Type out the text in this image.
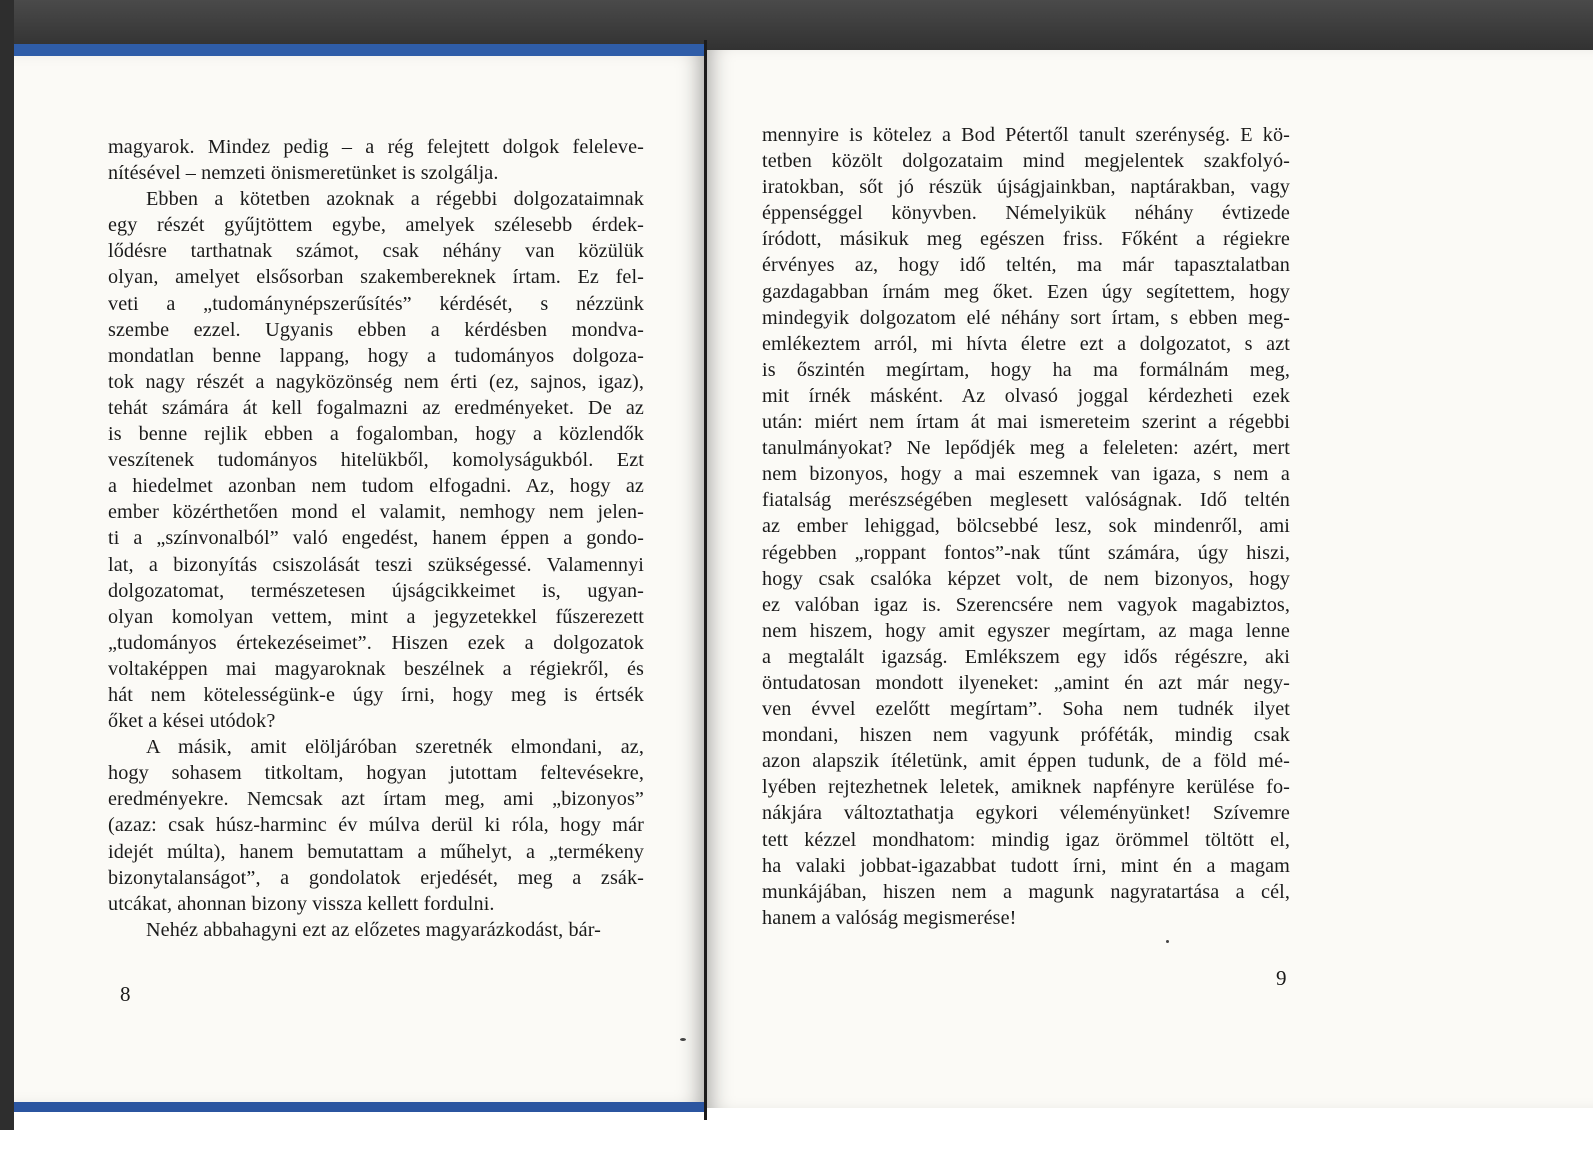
magyarok. Mindez pedig – a rég felejtett dolgok feleleve-
nítésével – nemzeti önismeretünket is szolgálja.
Ebben a kötetben azoknak a régebbi dolgozataimnak
egy részét gyűjtöttem egybe, amelyek szélesebb érdek-
lődésre tarthatnak számot, csak néhány van közülük
olyan, amelyet elsősorban szakembereknek írtam. Ez fel-
veti a „tudománynépszerűsítés” kérdését, s nézzünk
szembe ezzel. Ugyanis ebben a kérdésben mondva-
mondatlan benne lappang, hogy a tudományos dolgoza-
tok nagy részét a nagyközönség nem érti (ez, sajnos, igaz),
tehát számára át kell fogalmazni az eredményeket. De az
is benne rejlik ebben a fogalomban, hogy a közlendők
veszítenek tudományos hitelükből, komolyságukból. Ezt
a hiedelmet azonban nem tudom elfogadni. Az, hogy az
ember közérthetően mond el valamit, nemhogy nem jelen-
ti a „színvonalból” való engedést, hanem éppen a gondo-
lat, a bizonyítás csiszolását teszi szükségessé. Valamennyi
dolgozatomat, természetesen újságcikkeimet is, ugyan-
olyan komolyan vettem, mint a jegyzetekkel fűszerezett
„tudományos értekezéseimet”. Hiszen ezek a dolgozatok
voltaképpen mai magyaroknak beszélnek a régiekről, és
hát nem kötelességünk-e úgy írni, hogy meg is értsék
őket a kései utódok?
A másik, amit elöljáróban szeretnék elmondani, az,
hogy sohasem titkoltam, hogyan jutottam feltevésekre,
eredményekre. Nemcsak azt írtam meg, ami „bizonyos”
(azaz: csak húsz-harminc év múlva derül ki róla, hogy már
idejét múlta), hanem bemutattam a műhelyt, a „termékeny
bizonytalanságot”, a gondolatok erjedését, meg a zsák-
utcákat, ahonnan bizony vissza kellett fordulni.
Nehéz abbahagyni ezt az előzetes magyarázkodást, bár-
mennyire is kötelez a Bod Pétertől tanult szerénység. E kö-
tetben közölt dolgozataim mind megjelentek szakfolyó-
iratokban, sőt jó részük újságjainkban, naptárakban, vagy
éppenséggel könyvben. Némelyikük néhány évtizede
íródott, másikuk meg egészen friss. Főként a régiekre
érvényes az, hogy idő teltén, ma már tapasztalatban
gazdagabban írnám meg őket. Ezen úgy segítettem, hogy
mindegyik dolgozatom elé néhány sort írtam, s ebben meg-
emlékeztem arról, mi hívta életre ezt a dolgozatot, s azt
is őszintén megírtam, hogy ha ma formálnám meg,
mit írnék másként. Az olvasó joggal kérdezheti ezek
után: miért nem írtam át mai ismereteim szerint a régebbi
tanulmányokat? Ne lepődjék meg a feleleten: azért, mert
nem bizonyos, hogy a mai eszemnek van igaza, s nem a
fiatalság merészségében meglesett valóságnak. Idő teltén
az ember lehiggad, bölcsebbé lesz, sok mindenről, ami
régebben „roppant fontos”-nak tűnt számára, úgy hiszi,
hogy csak csalóka képzet volt, de nem bizonyos, hogy
ez valóban igaz is. Szerencsére nem vagyok magabiztos,
nem hiszem, hogy amit egyszer megírtam, az maga lenne
a megtalált igazság. Emlékszem egy idős régészre, aki
öntudatosan mondott ilyeneket: „amint én azt már negy-
ven évvel ezelőtt megírtam”. Soha nem tudnék ilyet
mondani, hiszen nem vagyunk próféták, mindig csak
azon alapszik ítéletünk, amit éppen tudunk, de a föld mé-
lyében rejtezhetnek leletek, amiknek napfényre kerülése fo-
nákjára változtathatja egykori véleményünket! Szívemre
tett kézzel mondhatom: mindig igaz örömmel töltött el,
ha valaki jobbat-igazabbat tudott írni, mint én a magam
munkájában, hiszen nem a magunk nagyratartása a cél,
hanem a valóság megismerése!
8
9
